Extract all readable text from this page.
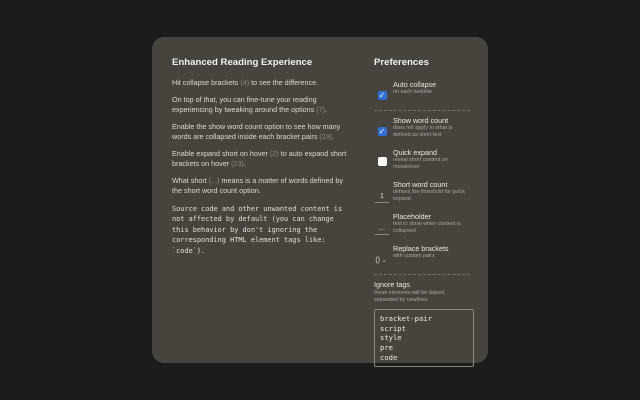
Enhanced Reading Experience

Hit collapse brackets (4) to see the difference.

On top of that, you can fine-tune your reading experiencing by tweaking around the options (7).

Enable the show word count option to see how many words are collapsed inside each bracket pairs (19).

Enable expand short on hover (2) to auto expand short brackets on hover (23).

What short (...) means is a matter of words defined by the short word count option.

Source code and other unwanted content is not affected by default (you can change this behavior by don't ignoring the corresponding HTML element tags like: `code`).

Preferences
✓
Auto collapse
on each website
✓
Show word count
does not apply to what is defined as short text
Quick expand
reveal short content on mouseover
1
Short word count
defines the threshold for quick expand
...
Placeholder
text to show when content is collapsed
() ⌄
Replace brackets
with custom pairs
Ignore tags
these elements will be skiped, separated by newlines
bracket-pair
script
style
pre
code
